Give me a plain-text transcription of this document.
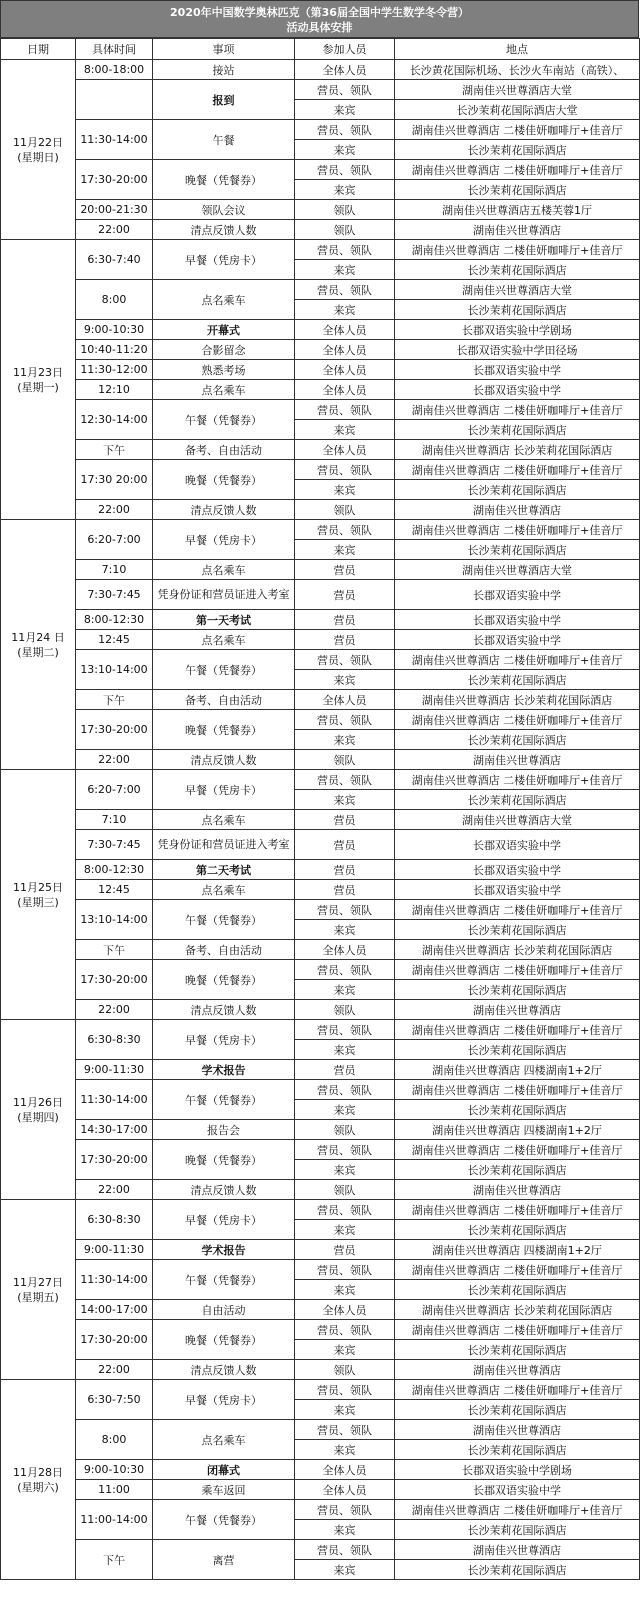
2020年中国数学奥林匹克（第36届全国中学生数学冬令营）
活动具体安排
日期	具体时间	事项	参加人员	地点

11月22日
(星期日)	8:00-18:00	接站	全体人员	长沙黄花国际机场、长沙火车南站（高铁）、
		报到	营员、领队	湖南佳兴世尊酒店大堂
			来宾	长沙茉莉花国际酒店大堂
	11:30-14:00	午餐	营员、领队	湖南佳兴世尊酒店 二楼佳妍咖啡厅+佳音厅
			来宾	长沙茉莉花国际酒店
	17:30-20:00	晚餐（凭餐券）	营员、领队	湖南佳兴世尊酒店 二楼佳妍咖啡厅+佳音厅
			来宾	长沙茉莉花国际酒店
	20:00-21:30	领队会议	领队	湖南佳兴世尊酒店五楼芙蓉1厅
	22:00	清点反馈人数	领队	湖南佳兴世尊酒店

11月23日
(星期一)	6:30-7:40	早餐（凭房卡）	营员、领队	湖南佳兴世尊酒店 二楼佳妍咖啡厅+佳音厅
			来宾	长沙茉莉花国际酒店
	8:00	点名乘车	营员、领队	湖南佳兴世尊酒店大堂
			来宾	长沙茉莉花国际酒店
	9:00-10:30	开幕式	全体人员	长郡双语实验中学剧场
	10:40-11:20	合影留念	全体人员	长郡双语实验中学田径场
	11:30-12:00	熟悉考场	全体人员	长郡双语实验中学
	12:10	点名乘车	全体人员	长郡双语实验中学
	12:30-14:00	午餐（凭餐券）	营员、领队	湖南佳兴世尊酒店 二楼佳妍咖啡厅+佳音厅
			来宾	长沙茉莉花国际酒店
	下午	备考、自由活动	全体人员	湖南佳兴世尊酒店 长沙茉莉花国际酒店
	17:30 20:00	晚餐（凭餐券）	营员、领队	湖南佳兴世尊酒店 二楼佳妍咖啡厅+佳音厅
			来宾	长沙茉莉花国际酒店
	22:00	清点反馈人数	领队	湖南佳兴世尊酒店

11月24 日
(星期二)	6:20-7:00	早餐（凭房卡）	营员、领队	湖南佳兴世尊酒店 二楼佳妍咖啡厅+佳音厅
			来宾	长沙茉莉花国际酒店
	7:10	点名乘车	营员	湖南佳兴世尊酒店大堂
	7:30-7:45	凭身份证和营员证进入考室	营员	长郡双语实验中学
	8:00-12:30	第一天考试	营员	长郡双语实验中学
	12:45	点名乘车	营员	长郡双语实验中学
	13:10-14:00	午餐（凭餐券）	营员、领队	湖南佳兴世尊酒店 二楼佳妍咖啡厅+佳音厅
			来宾	长沙茉莉花国际酒店
	下午	备考、自由活动	全体人员	湖南佳兴世尊酒店 长沙茉莉花国际酒店
	17:30-20:00	晚餐（凭餐券）	营员、领队	湖南佳兴世尊酒店 二楼佳妍咖啡厅+佳音厅
			来宾	长沙茉莉花国际酒店
	22:00	清点反馈人数	领队	湖南佳兴世尊酒店

11月25日
(星期三)	6:20-7:00	早餐（凭房卡）	营员、领队	湖南佳兴世尊酒店 二楼佳妍咖啡厅+佳音厅
			来宾	长沙茉莉花国际酒店
	7:10	点名乘车	营员	湖南佳兴世尊酒店大堂
	7:30-7:45	凭身份证和营员证进入考室	营员	长郡双语实验中学
	8:00-12:30	第二天考试	营员	长郡双语实验中学
	12:45	点名乘车	营员	长郡双语实验中学
	13:10-14:00	午餐（凭餐券）	营员、领队	湖南佳兴世尊酒店 二楼佳妍咖啡厅+佳音厅
			来宾	长沙茉莉花国际酒店
	下午	备考、自由活动	全体人员	湖南佳兴世尊酒店 长沙茉莉花国际酒店
	17:30-20:00	晚餐（凭餐券）	营员、领队	湖南佳兴世尊酒店 二楼佳妍咖啡厅+佳音厅
			来宾	长沙茉莉花国际酒店
	22:00	清点反馈人数	领队	湖南佳兴世尊酒店

11月26日
(星期四)	6:30-8:30	早餐（凭房卡）	营员、领队	湖南佳兴世尊酒店 二楼佳妍咖啡厅+佳音厅
			来宾	长沙茉莉花国际酒店
	9:00-11:30	学术报告	营员	湖南佳兴世尊酒店 四楼湖南1+2厅
	11:30-14:00	午餐（凭餐券）	营员、领队	湖南佳兴世尊酒店 二楼佳妍咖啡厅+佳音厅
			来宾	长沙茉莉花国际酒店
	14:30-17:00	报告会	领队	湖南佳兴世尊酒店 四楼湖南1+2厅
	17:30-20:00	晚餐（凭餐券）	营员、领队	湖南佳兴世尊酒店 二楼佳妍咖啡厅+佳音厅
			来宾	长沙茉莉花国际酒店
	22:00	清点反馈人数	领队	湖南佳兴世尊酒店

11月27日
(星期五)	6:30-8:30	早餐（凭房卡）	营员、领队	湖南佳兴世尊酒店 二楼佳妍咖啡厅+佳音厅
			来宾	长沙茉莉花国际酒店
	9:00-11:30	学术报告	营员	湖南佳兴世尊酒店 四楼湖南1+2厅
	11:30-14:00	午餐（凭餐券）	营员、领队	湖南佳兴世尊酒店 二楼佳妍咖啡厅+佳音厅
			来宾	长沙茉莉花国际酒店
	14:00-17:00	自由活动	全体人员	湖南佳兴世尊酒店 长沙茉莉花国际酒店
	17:30-20:00	晚餐（凭餐券）	营员、领队	湖南佳兴世尊酒店 二楼佳妍咖啡厅+佳音厅
			来宾	长沙茉莉花国际酒店
	22:00	清点反馈人数	领队	湖南佳兴世尊酒店

11月28日
(星期六)	6:30-7:50	早餐（凭房卡）	营员、领队	湖南佳兴世尊酒店 二楼佳妍咖啡厅+佳音厅
			来宾	长沙茉莉花国际酒店
	8:00	点名乘车	营员、领队	湖南佳兴世尊酒店
			来宾	长沙茉莉花国际酒店
	9:00-10:30	闭幕式	全体人员	长郡双语实验中学剧场
	11:00	乘车返回	全体人员	长郡双语实验中学
	11:00-14:00	午餐（凭餐券）	营员、领队	湖南佳兴世尊酒店 二楼佳妍咖啡厅+佳音厅
			来宾	长沙茉莉花国际酒店
	下午	离营	营员、领队	湖南佳兴世尊酒店
			来宾	长沙茉莉花国际酒店
